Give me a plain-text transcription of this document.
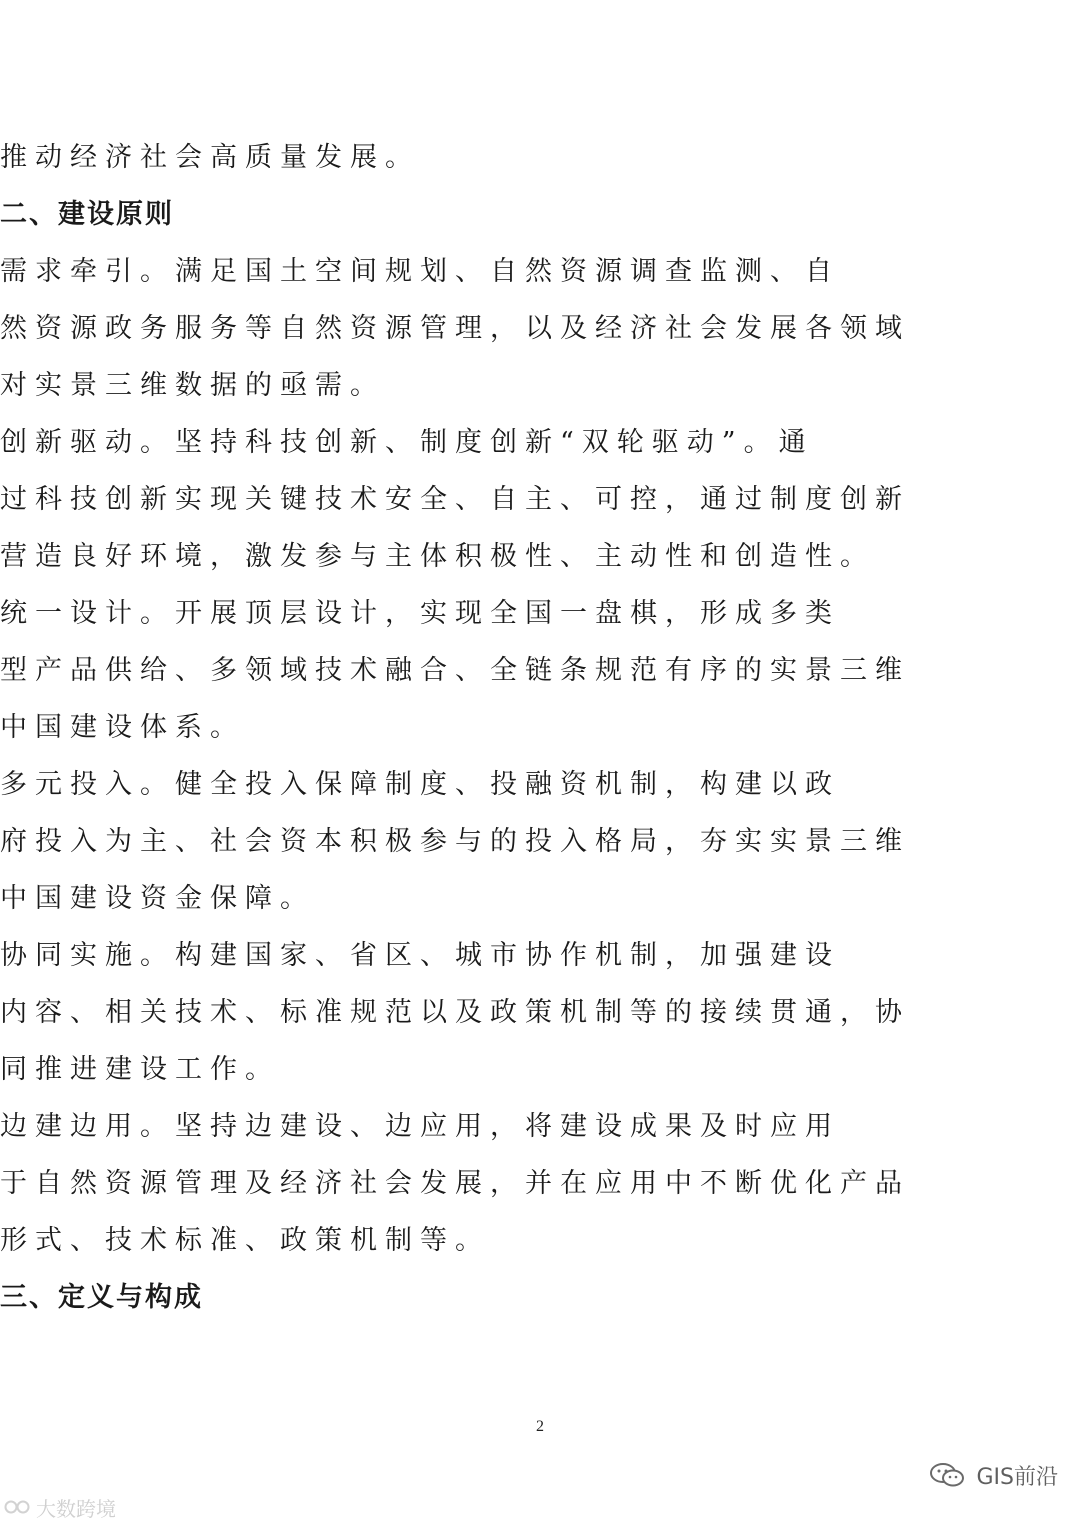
推动经济社会高质量发展。
二、建设原则
需求牵引。满足国土空间规划、自然资源调查监测、自
然资源政务服务等自然资源管理，以及经济社会发展各领域
对实景三维数据的亟需。
创新驱动。坚持科技创新、制度创新“双轮驱动”。通
过科技创新实现关键技术安全、自主、可控，通过制度创新
营造良好环境，激发参与主体积极性、主动性和创造性。
统一设计。开展顶层设计，实现全国一盘棋，形成多类
型产品供给、多领域技术融合、全链条规范有序的实景三维
中国建设体系。
多元投入。健全投入保障制度、投融资机制，构建以政
府投入为主、社会资本积极参与的投入格局，夯实实景三维
中国建设资金保障。
协同实施。构建国家、省区、城市协作机制，加强建设
内容、相关技术、标准规范以及政策机制等的接续贯通，协
同推进建设工作。
边建边用。坚持边建设、边应用，将建设成果及时应用
于自然资源管理及经济社会发展，并在应用中不断优化产品
形式、技术标准、政策机制等。
三、定义与构成
2
GIS前沿
大数跨境
